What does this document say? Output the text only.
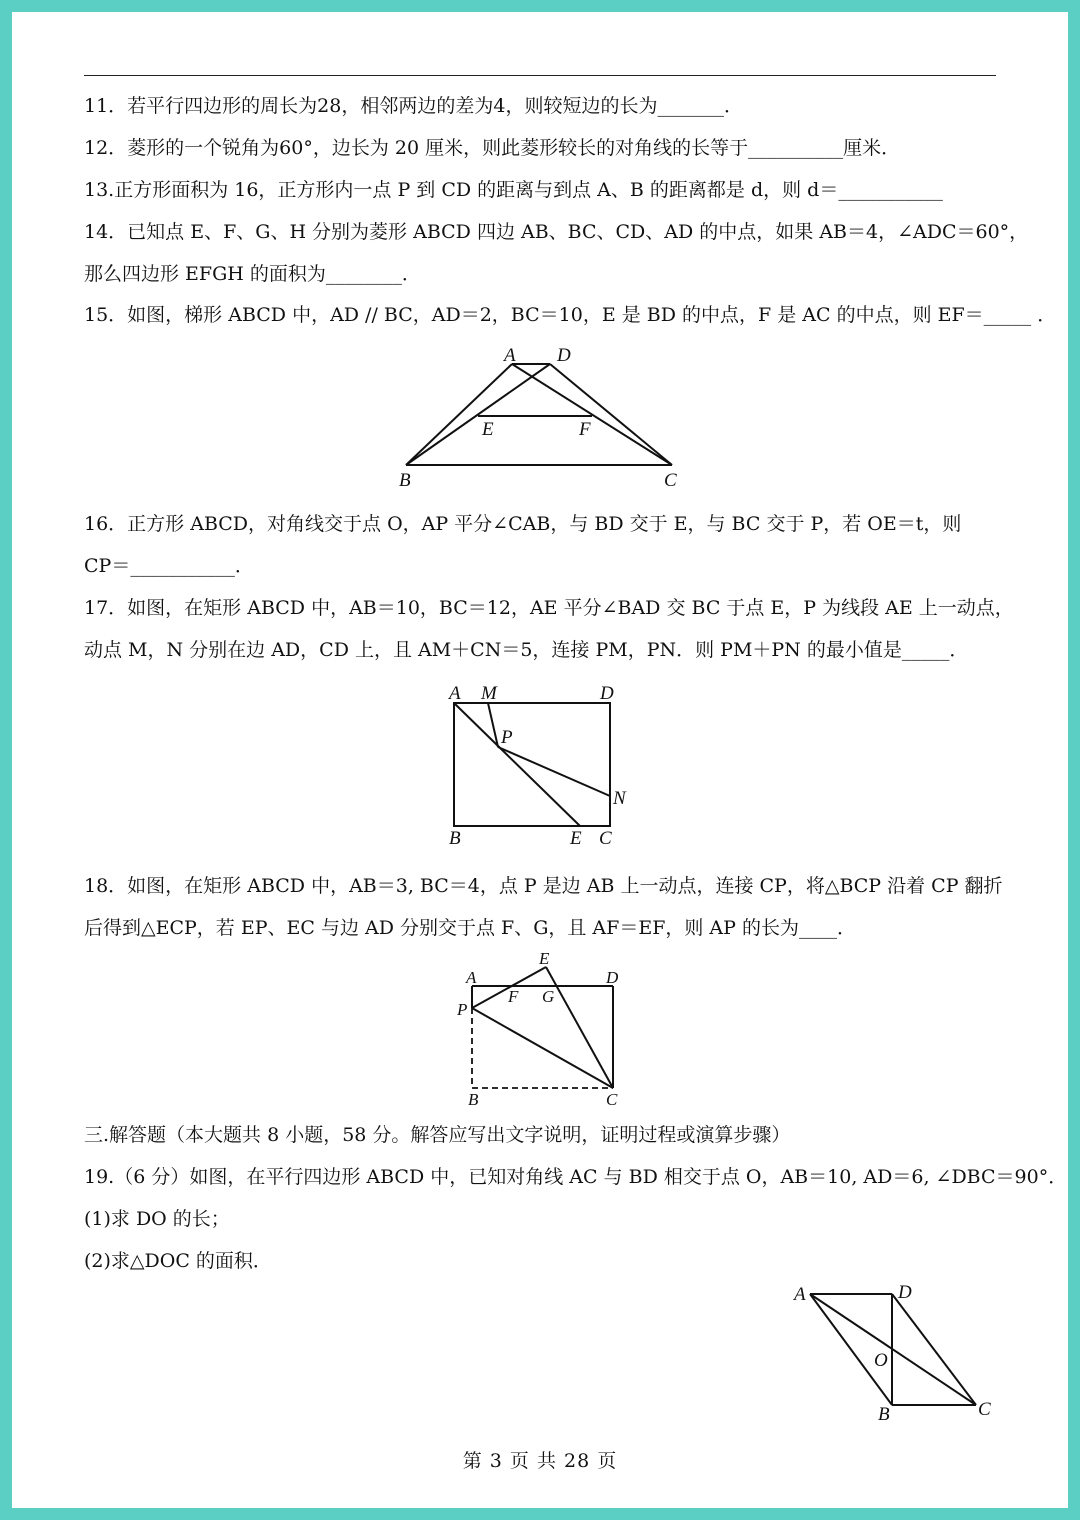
11．若平行四边形的周长为28，相邻两边的差为4，则较短边的长为_______．
12．菱形的一个锐角为60°，边长为 20 厘米，则此菱形较长的对角线的长等于__________厘米．
13.正方形面积为 16，正方形内一点 P 到 CD 的距离与到点 A、B 的距离都是 d，则 d＝___________
14．已知点 E、F、G、H 分别为菱形 ABCD 四边 AB、BC、CD、AD 的中点，如果 AB＝4，∠ADC＝60°，
那么四边形 EFGH 的面积为________．
15．如图，梯形 ABCD 中，AD // BC，AD＝2，BC＝10，E 是 BD 的中点，F 是 AC 的中点，则 EF＝_____ ．
A D
E	F
B	C
16．正方形 ABCD，对角线交于点 O，AP 平分∠CAB，与 BD 交于 E，与 BC 交于 P，若 OE＝t，则
CP＝___________．
17．如图，在矩形 ABCD 中，AB＝10，BC＝12，AE 平分∠BAD 交 BC 于点 E，P 为线段 AE 上一动点，
动点 M，N 分别在边 AD，CD 上，且 AM＋CN＝5，连接 PM，PN．则 PM＋PN 的最小值是_____．
A M	D
P
N
B	E C
18．如图，在矩形 ABCD 中，AB＝3, BC＝4，点 P 是边 AB 上一动点，连接 CP，将△BCP 沿着 CP 翻折
后得到△ECP，若 EP、EC 与边 AD 分别交于点 F、G，且 AF＝EF，则 AP 的长为____．
E
A	D
F G
P
B	C
三.解答题（本大题共 8 小题，58 分。解答应写出文字说明，证明过程或演算步骤）
19.（6 分）如图，在平行四边形 ABCD 中，已知对角线 AC 与 BD 相交于点 O，AB＝10, AD＝6, ∠DBC＝90°．
(1)求 DO 的长；
(2)求△DOC 的面积．
A	D
O
B	C
第 3 页 共 28 页
